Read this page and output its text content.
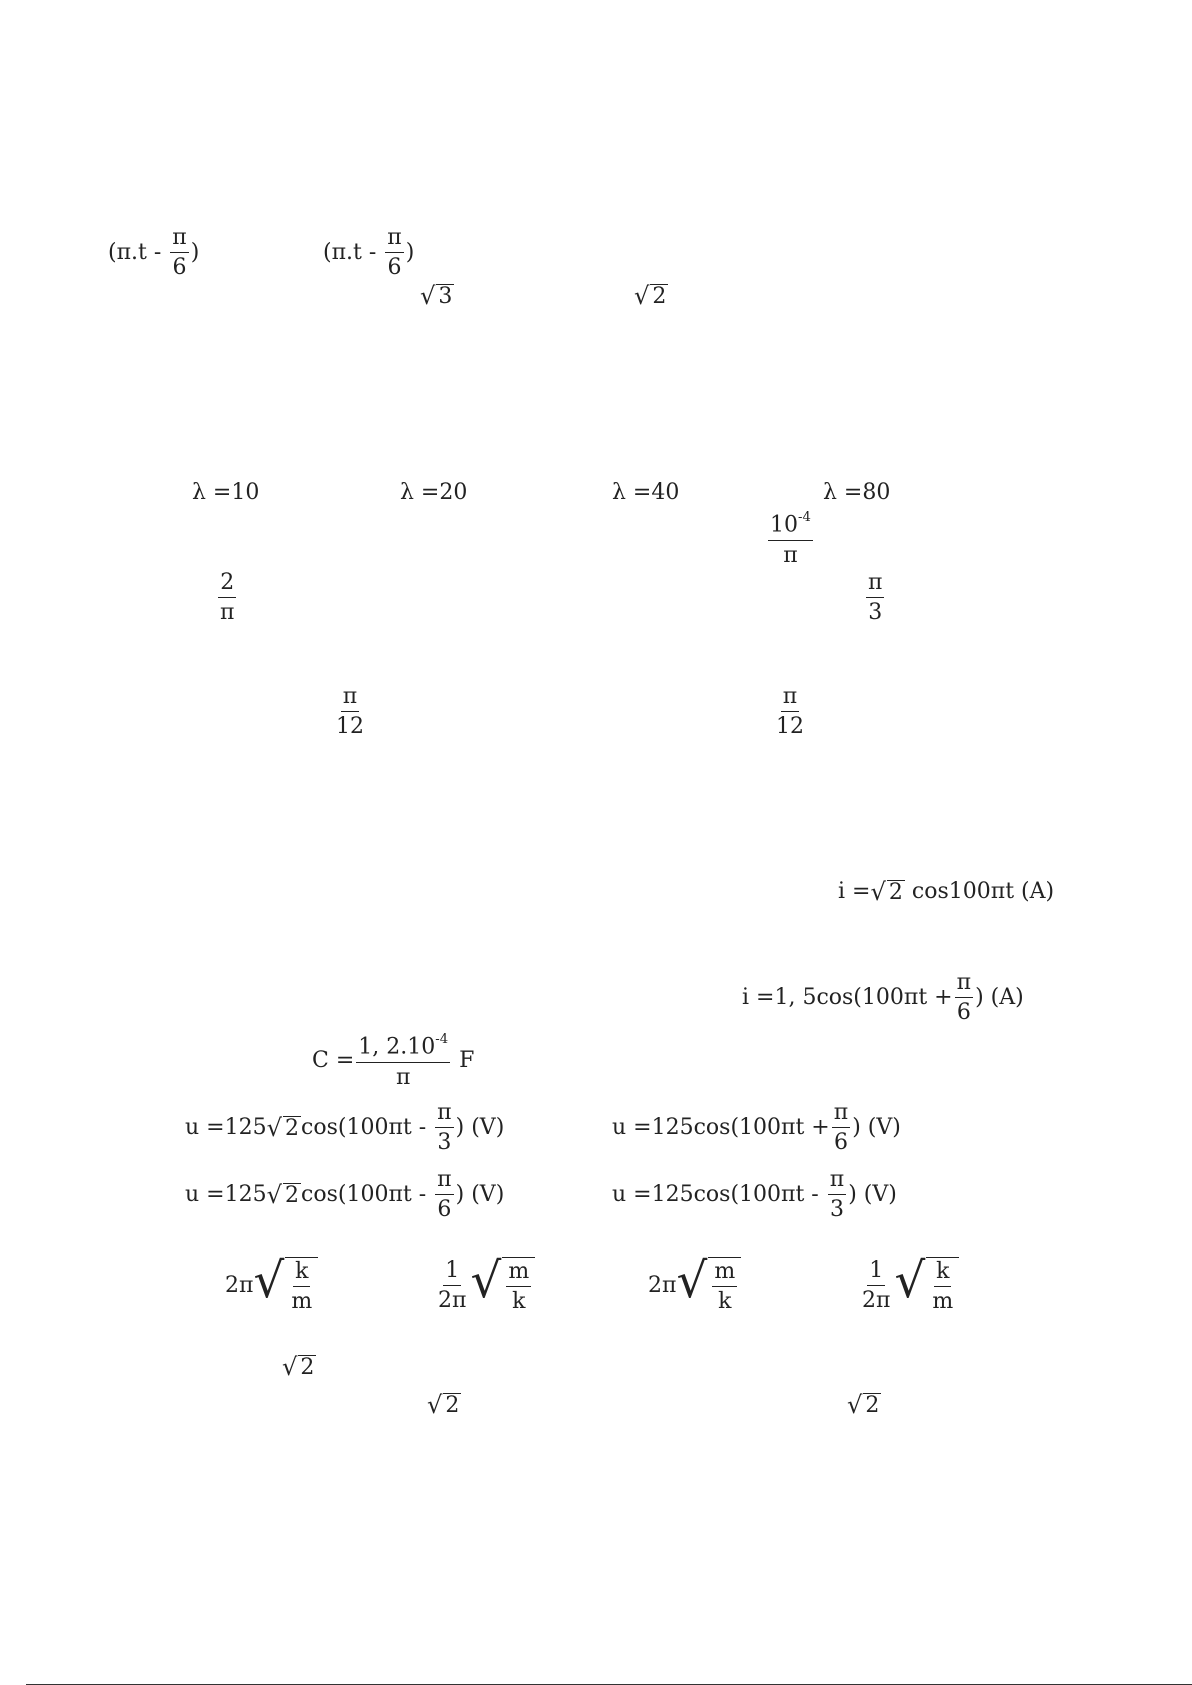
($\pi.t - \frac{\pi}{6}$ )	($\pi.t - \frac{\pi}{6}$ )
√ 3	√ 2
λ =10	λ =20	λ =40	λ =80
$\frac{10^{-4}}{\pi}$
$\frac{2}{\pi}$	$\frac{\pi}{3}$
$\frac{\pi}{12}$	$\frac{\pi}{12}$
i = √ 2 cos100πt (A)
i =1, $5\cos(100\pi t + \frac{\pi}{6}$ ) (A)
$C = \frac{1, 2.10^{-4}}{\pi}$ F
u =125 √ 2 $\cos(100\pi t - \frac{\pi}{3}$ ) (V)	$u =125\cos(100\pi t + \frac{\pi}{6}$ ) (V)
u =125 √ 2 $\cos(100\pi t - \frac{\pi}{6}$ ) (V)	$u =125\cos(100\pi t - \frac{\pi}{3}$ ) (V)
2π √ $\frac{k}{m}$	$\frac{1}{2\pi}$ √ $\frac{m}{k}$	2π √ $\frac{m}{k}$	$\frac{1}{2\pi}$ √ $\frac{k}{m}$
√ 2
√ 2	√ 2
